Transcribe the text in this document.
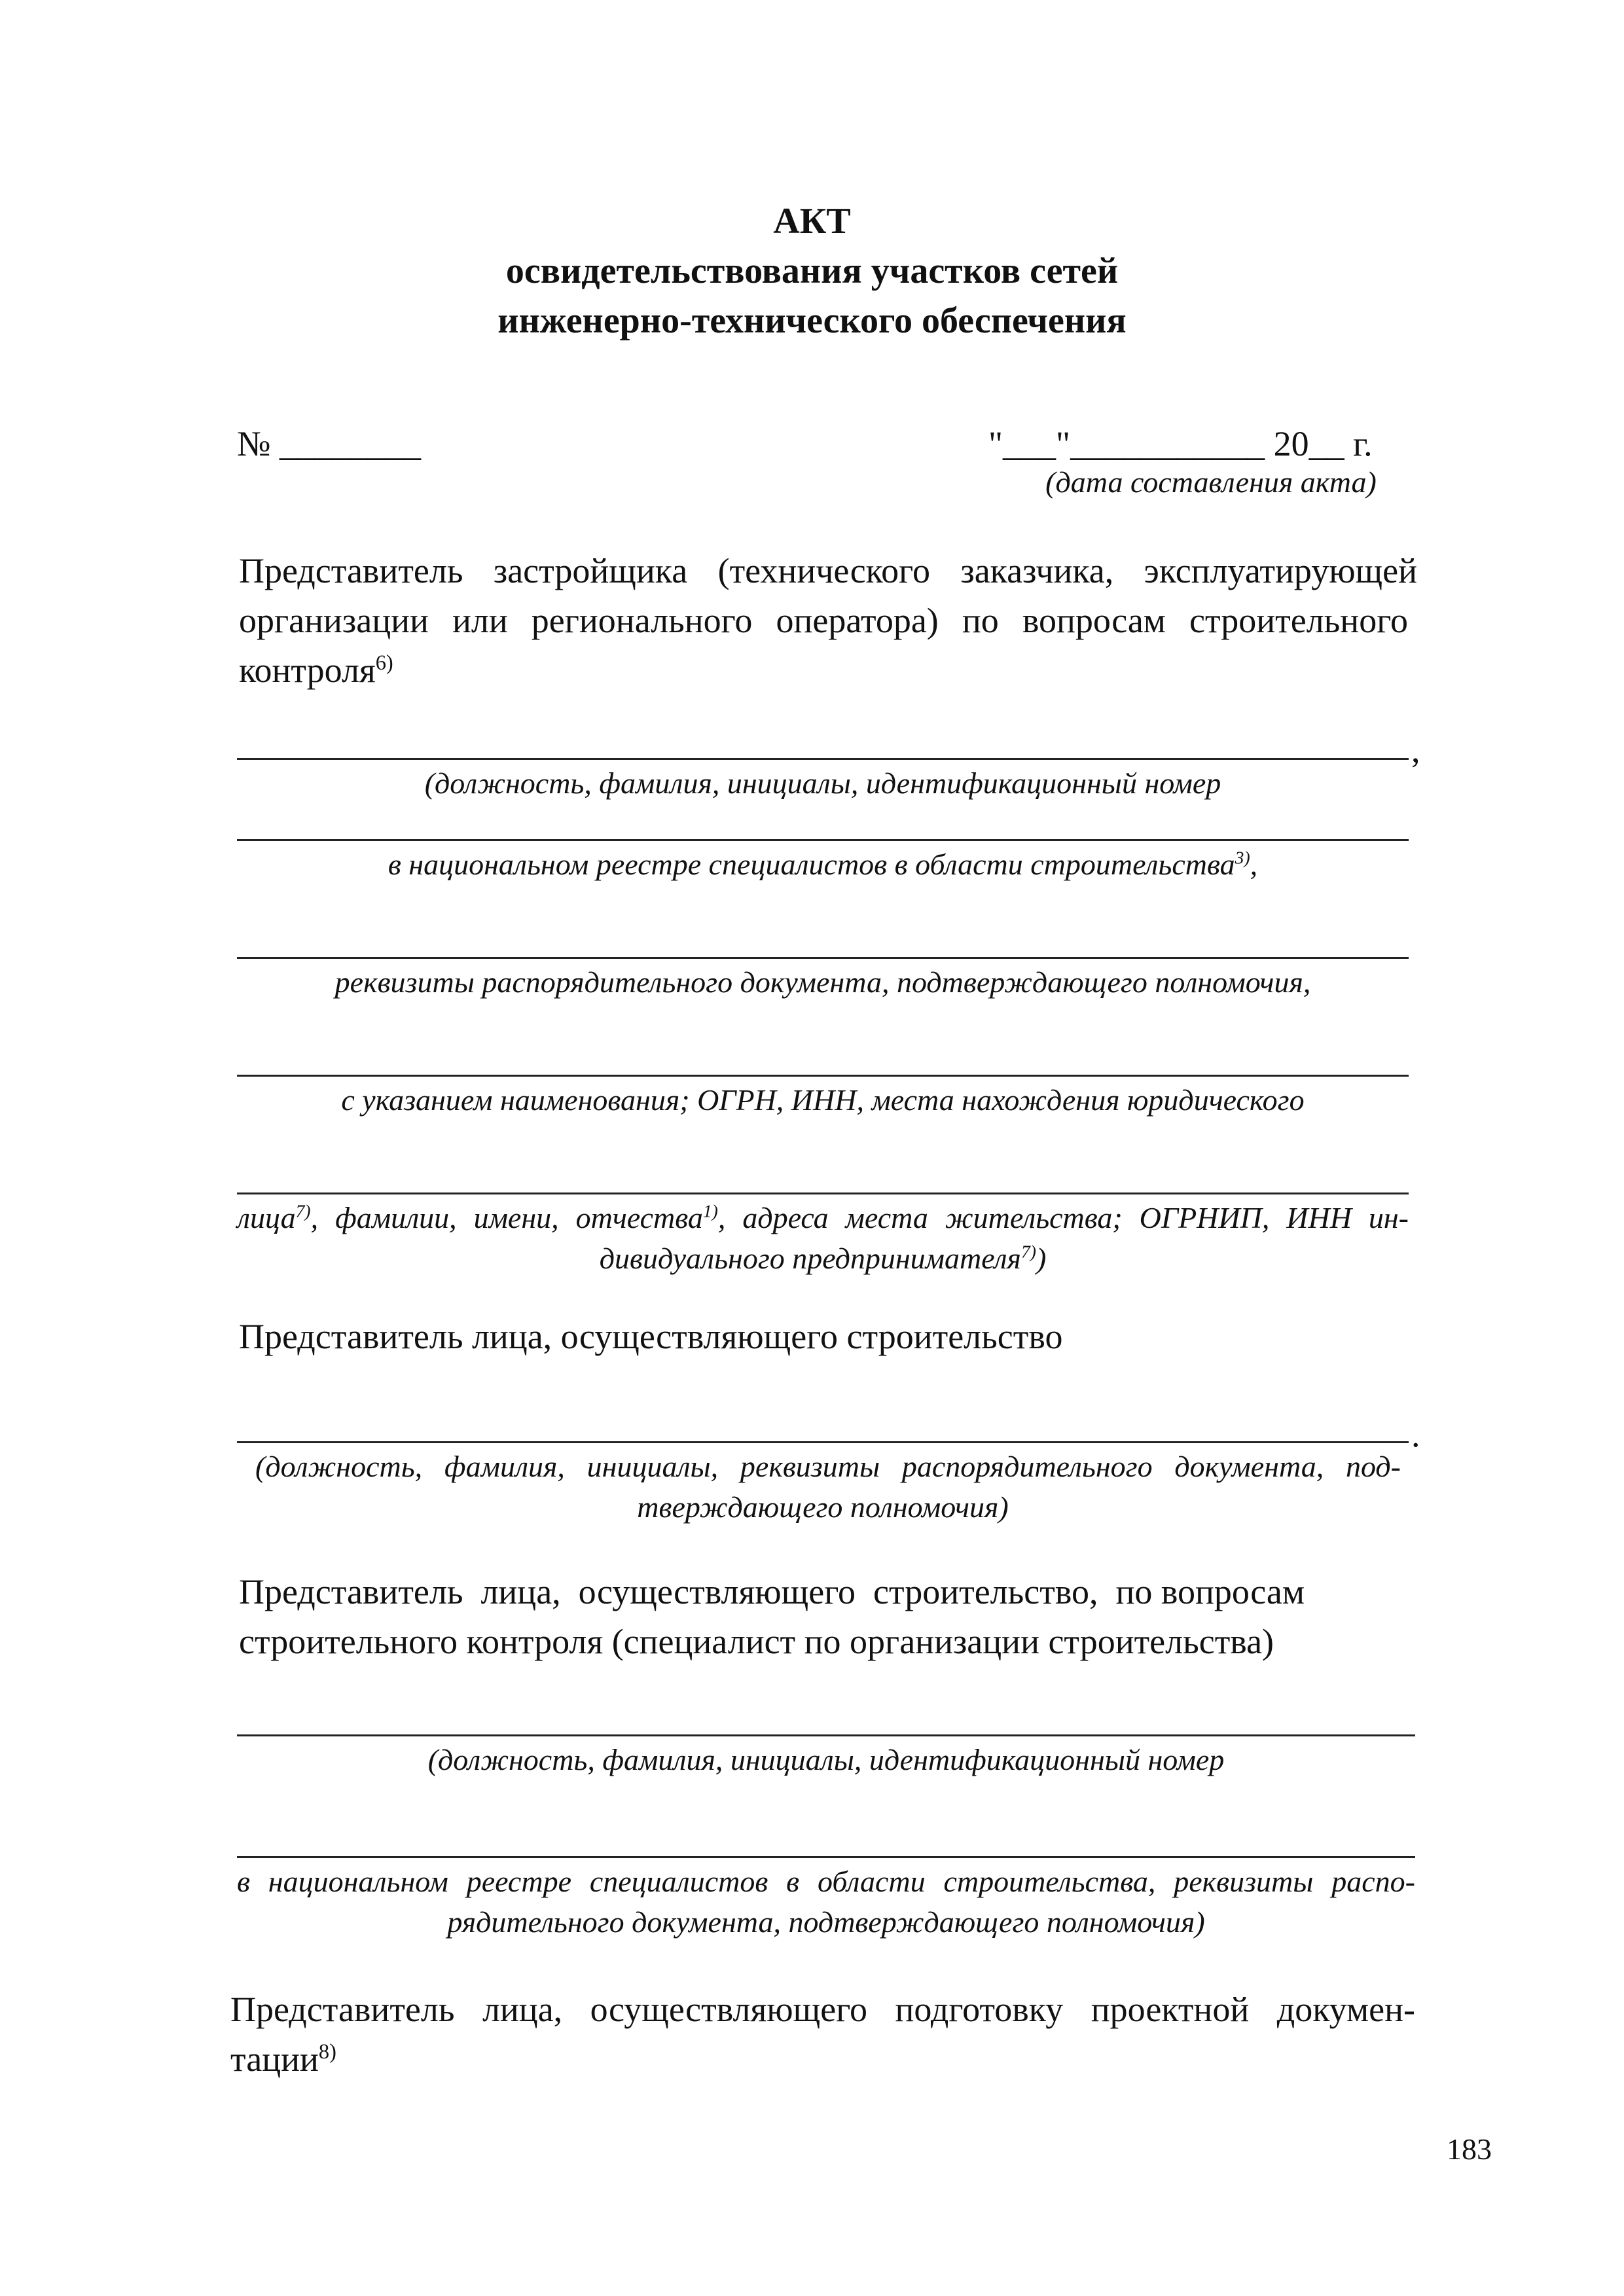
АКТ
освидетельствования участков сетей
инженерно-технического обеспечения
№ ________	"___"___________ 20__ г.
(дата составления акта)
Представитель застройщика (технического заказчика, эксплуатирующей
организации или регионального оператора) по вопросам строительного
контроля$^{6)}$
,
(должность, фамилия, инициалы, идентификационный номер
в национальном реестре специалистов в области строительства$^{3)}$,
реквизиты распорядительного документа, подтверждающего полномочия,
с указанием наименования; ОГРН, ИНН, места нахождения юридического
лица$^{7)}$, фамилии, имени, отчества$^{1)}$, адреса места жительства; ОГРНИП, ИНН ин-
дивидуального предпринимателя$^{7)}$)
Представитель лица, осуществляющего строительство
.
(должность, фамилия, инициалы, реквизиты распорядительного документа, под-
тверждающего полномочия)
Представитель  лица,  осуществляющего  строительство,  по вопросам
строительного контроля (специалист по организации строительства)
(должность, фамилия, инициалы, идентификационный номер
в национальном реестре специалистов в области строительства, реквизиты распо-
рядительного документа, подтверждающего полномочия)
Представитель лица, осуществляющего подготовку проектной докумен-
тации$^{8)}$
183
